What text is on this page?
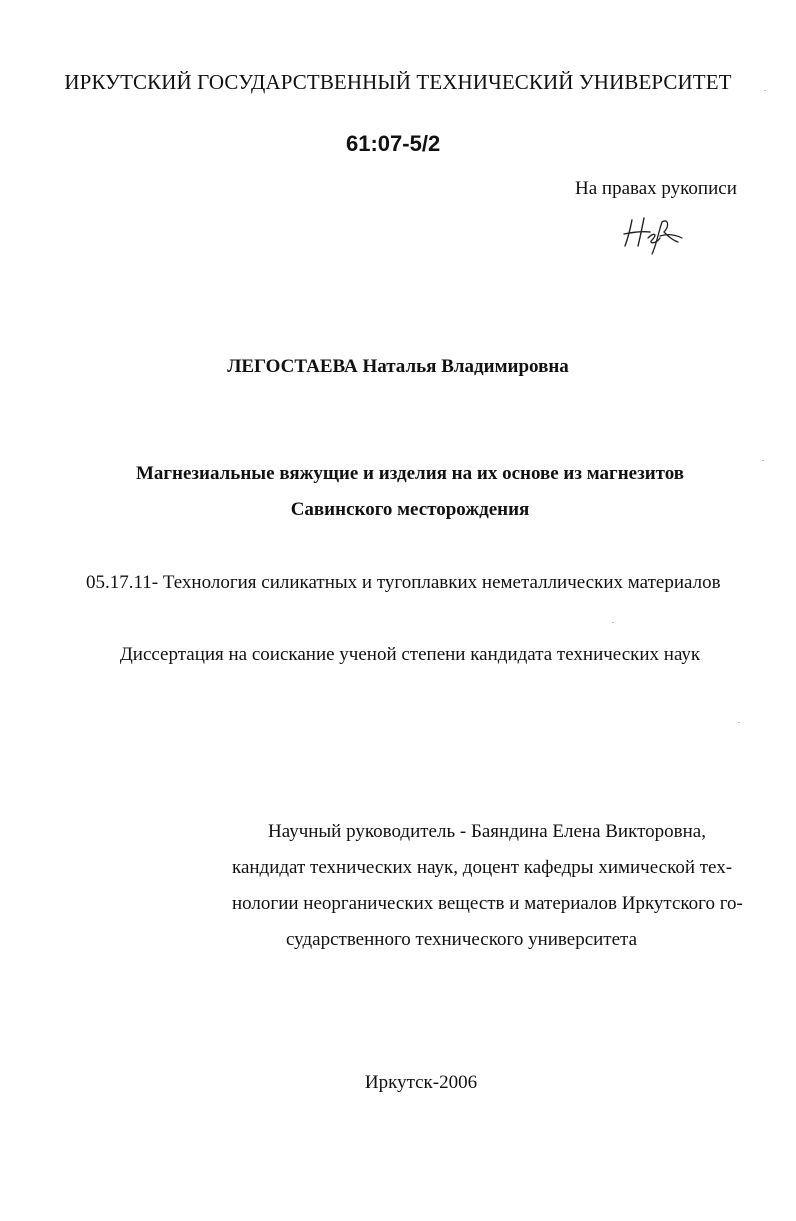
ИРКУТСКИЙ ГОСУДАРСТВЕННЫЙ ТЕХНИЧЕСКИЙ УНИВЕРСИТЕТ
61:07-5/2
На правах рукописи
ЛЕГОСТАЕВА Наталья Владимировна
Магнезиальные вяжущие и изделия на их основе из магнезитов
Савинского месторождения
05.17.11- Технология силикатных и тугоплавких неметаллических материалов
Диссертация на соискание ученой степени кандидата технических наук
Научный руководитель - Баяндина Елена Викторовна,
кандидат технических наук, доцент кафедры химической тех-
нологии неорганических веществ и материалов Иркутского го-
сударственного технического университета
Иркутск-2006
